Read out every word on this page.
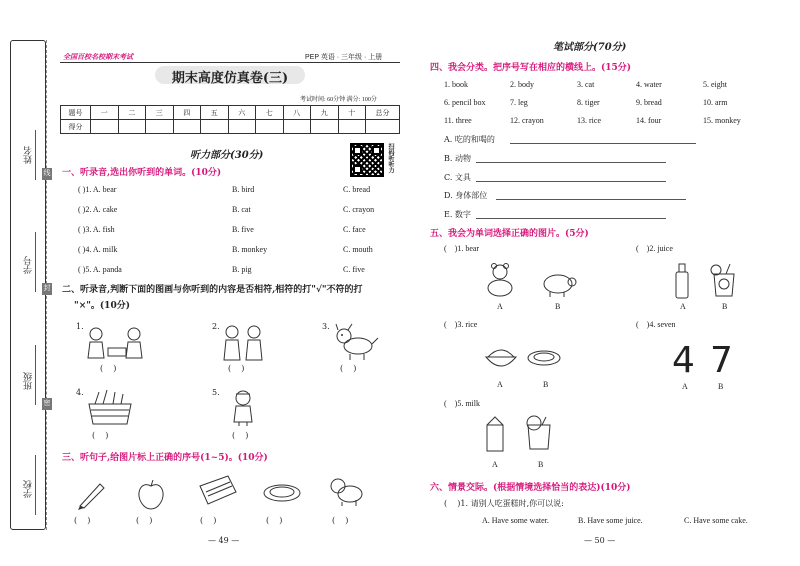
姓名
学号
班级
学校
线
封
密
全国百校名校期末考试	PEP 英语 · 三年级 · 上册
期末高度仿真卷(三)
考试时间: 60分钟 满分: 100分
题号	一	二	三	四	五	六	七	八	九	十	总分
得分											
扫码听听力
听力部分(30分)
一、听录音,选出你听到的单词。(10分)
( )1. A. bear	B. bird	C. bread
( )2. A. cake	B. cat	C. crayon
( )3. A. fish	B. five	C. face
( )4. A. milk	B. monkey	C. mouth
( )5. A. panda	B. pig	C. five
二、听录音,判断下面的图画与你听到的内容是否相符,相符的打"√"不符的打
"×"。(10分)
1.	2.	3.
4.	5.
(    )	(    )	(    )
(    )	(    )
三、听句子,给图片标上正确的序号(1~5)。(10分)
(    )	(    )	(    )	(    )	(    )
— 49 —
笔试部分(70分)
四、我会分类。把序号写在相应的横线上。(15分)
1. book	2. body	3. cat	4. water	5. eight
6. pencil box	7. leg	8. tiger	9. bread	10. arm
11. three	12. crayon	13. rice	14. four	15. monkey
A. 吃的和喝的
B. 动物
C. 文具
D. 身体部位
E. 数字
五、我会为单词选择正确的图片。(5分)
(    )1. bear
A	B
(    )2. juice
A	B
(    )3. rice
A	B
(    )4. seven
4 7
A	B
(    )5. milk
A	B
六、情景交际。(根据情境选择恰当的表达)(10分)
(    )1. 请别人吃蛋糕时,你可以说:
A. Have some water.	B. Have some juice.	C. Have some cake.
— 50 —
